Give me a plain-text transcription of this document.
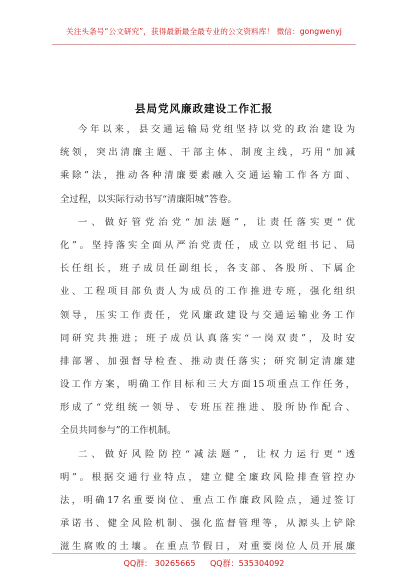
关注头条号“公文研究”，获得最新最全最专业的公文资料库！ 微信：gongwenyj
县局党风廉政建设工作汇报
今年以来，县交通运输局党组坚持以党的政治建设为
统领，突出清廉主题、干部主体、制度主线，巧用“加减
乘除”法，推动各种清廉要素融入交通运输工作各方面、
全过程，以实际行动书写“清廉阳城”答卷。
一、做好管党治党“加法题”，让责任落实更“优
化”。坚持落实全面从严治党责任，成立以党组书记、局
长任组长，班子成员任副组长，各支部、各股所、下属企
业、工程项目部负责人为成员的工作推进专班，强化组织
领导，压实工作责任，党风廉政建设与交通运输业务工作
同研究共推进；班子成员认真落实“一岗双责”，及时安
排部署、加强督导检查、推动责任落实；研究制定清廉建
设工作方案，明确工作目标和三大方面15项重点工作任务，
形成了“党组统一领导、专班压茬推进、股所协作配合、
全员共同参与”的工作机制。
二、做好风险防控“减法题”，让权力运行更“透
明”。根据交通行业特点，建立健全廉政风险排查管控办
法，明确17名重要岗位、重点工作廉政风险点，通过签订
承诺书、健全风险机制、强化监督管理等，从源头上铲除
滋生腐败的土壤。在重点节假日，对重要岗位人员开展廉
QQ群： 30265665 QQ群：535304092
